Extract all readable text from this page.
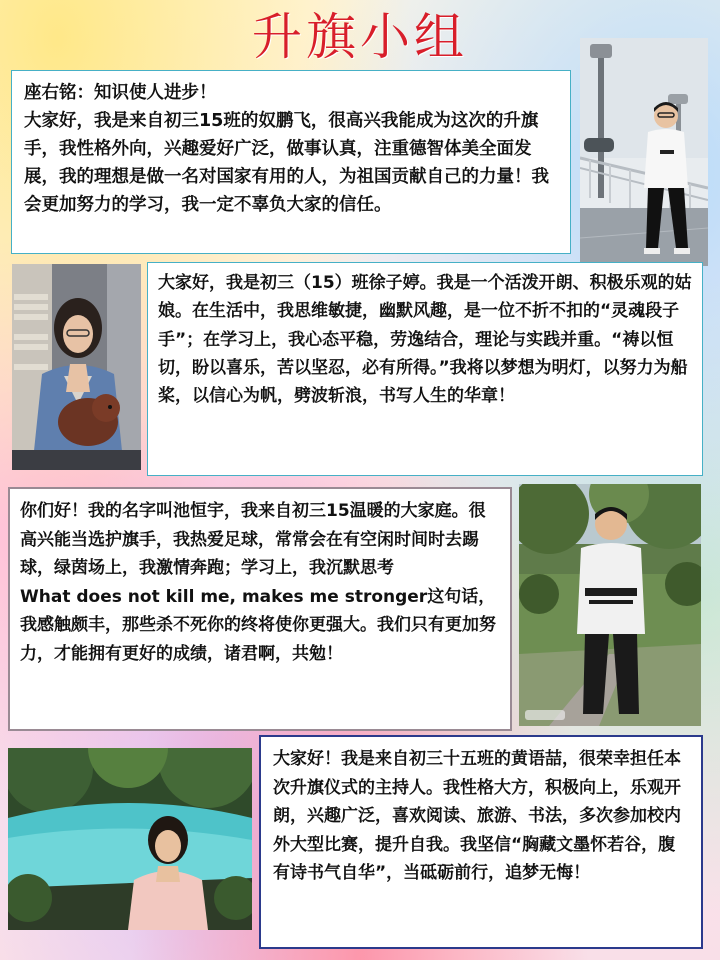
升旗小组
座右铭：知识使人进步！
大家好，我是来自初三15班的奴鹏飞，很高兴我能成为这次的升旗手，我性格外向，兴趣爱好广泛，做事认真，注重德智体美全面发展，我的理想是做一名对国家有用的人，为祖国贡献自己的力量！我会更加努力的学习，我一定不辜负大家的信任。
大家好，我是初三（15）班徐子婷。我是一个活泼开朗、积极乐观的姑娘。在生活中，我思维敏捷，幽默风趣，是一位不折不扣的“灵魂段子手”；在学习上，我心态平稳，劳逸结合，理论与实践并重。“祷以恒切，盼以喜乐，苦以坚忍，必有所得。”我将以梦想为明灯，以努力为船桨，以信心为帆，劈波斩浪，书写人生的华章！
你们好！我的名字叫池恒宇，我来自初三15温暖的大家庭。很高兴能当选护旗手，我热爱足球，常常会在有空闲时间时去踢球，绿茵场上，我激情奔跑；学习上，我沉默思考
What does not kill me, makes me stronger这句话，我感触颇丰，那些杀不死你的终将使你更强大。我们只有更加努力，才能拥有更好的成绩，诸君啊，共勉！
大家好！我是来自初三十五班的黄语喆，很荣幸担任本次升旗仪式的主持人。我性格大方，积极向上，乐观开朗，兴趣广泛，喜欢阅读、旅游、书法，多次参加校内外大型比赛，提升自我。我坚信“胸藏文墨怀若谷，腹有诗书气自华”，当砥砺前行，追梦无悔！
